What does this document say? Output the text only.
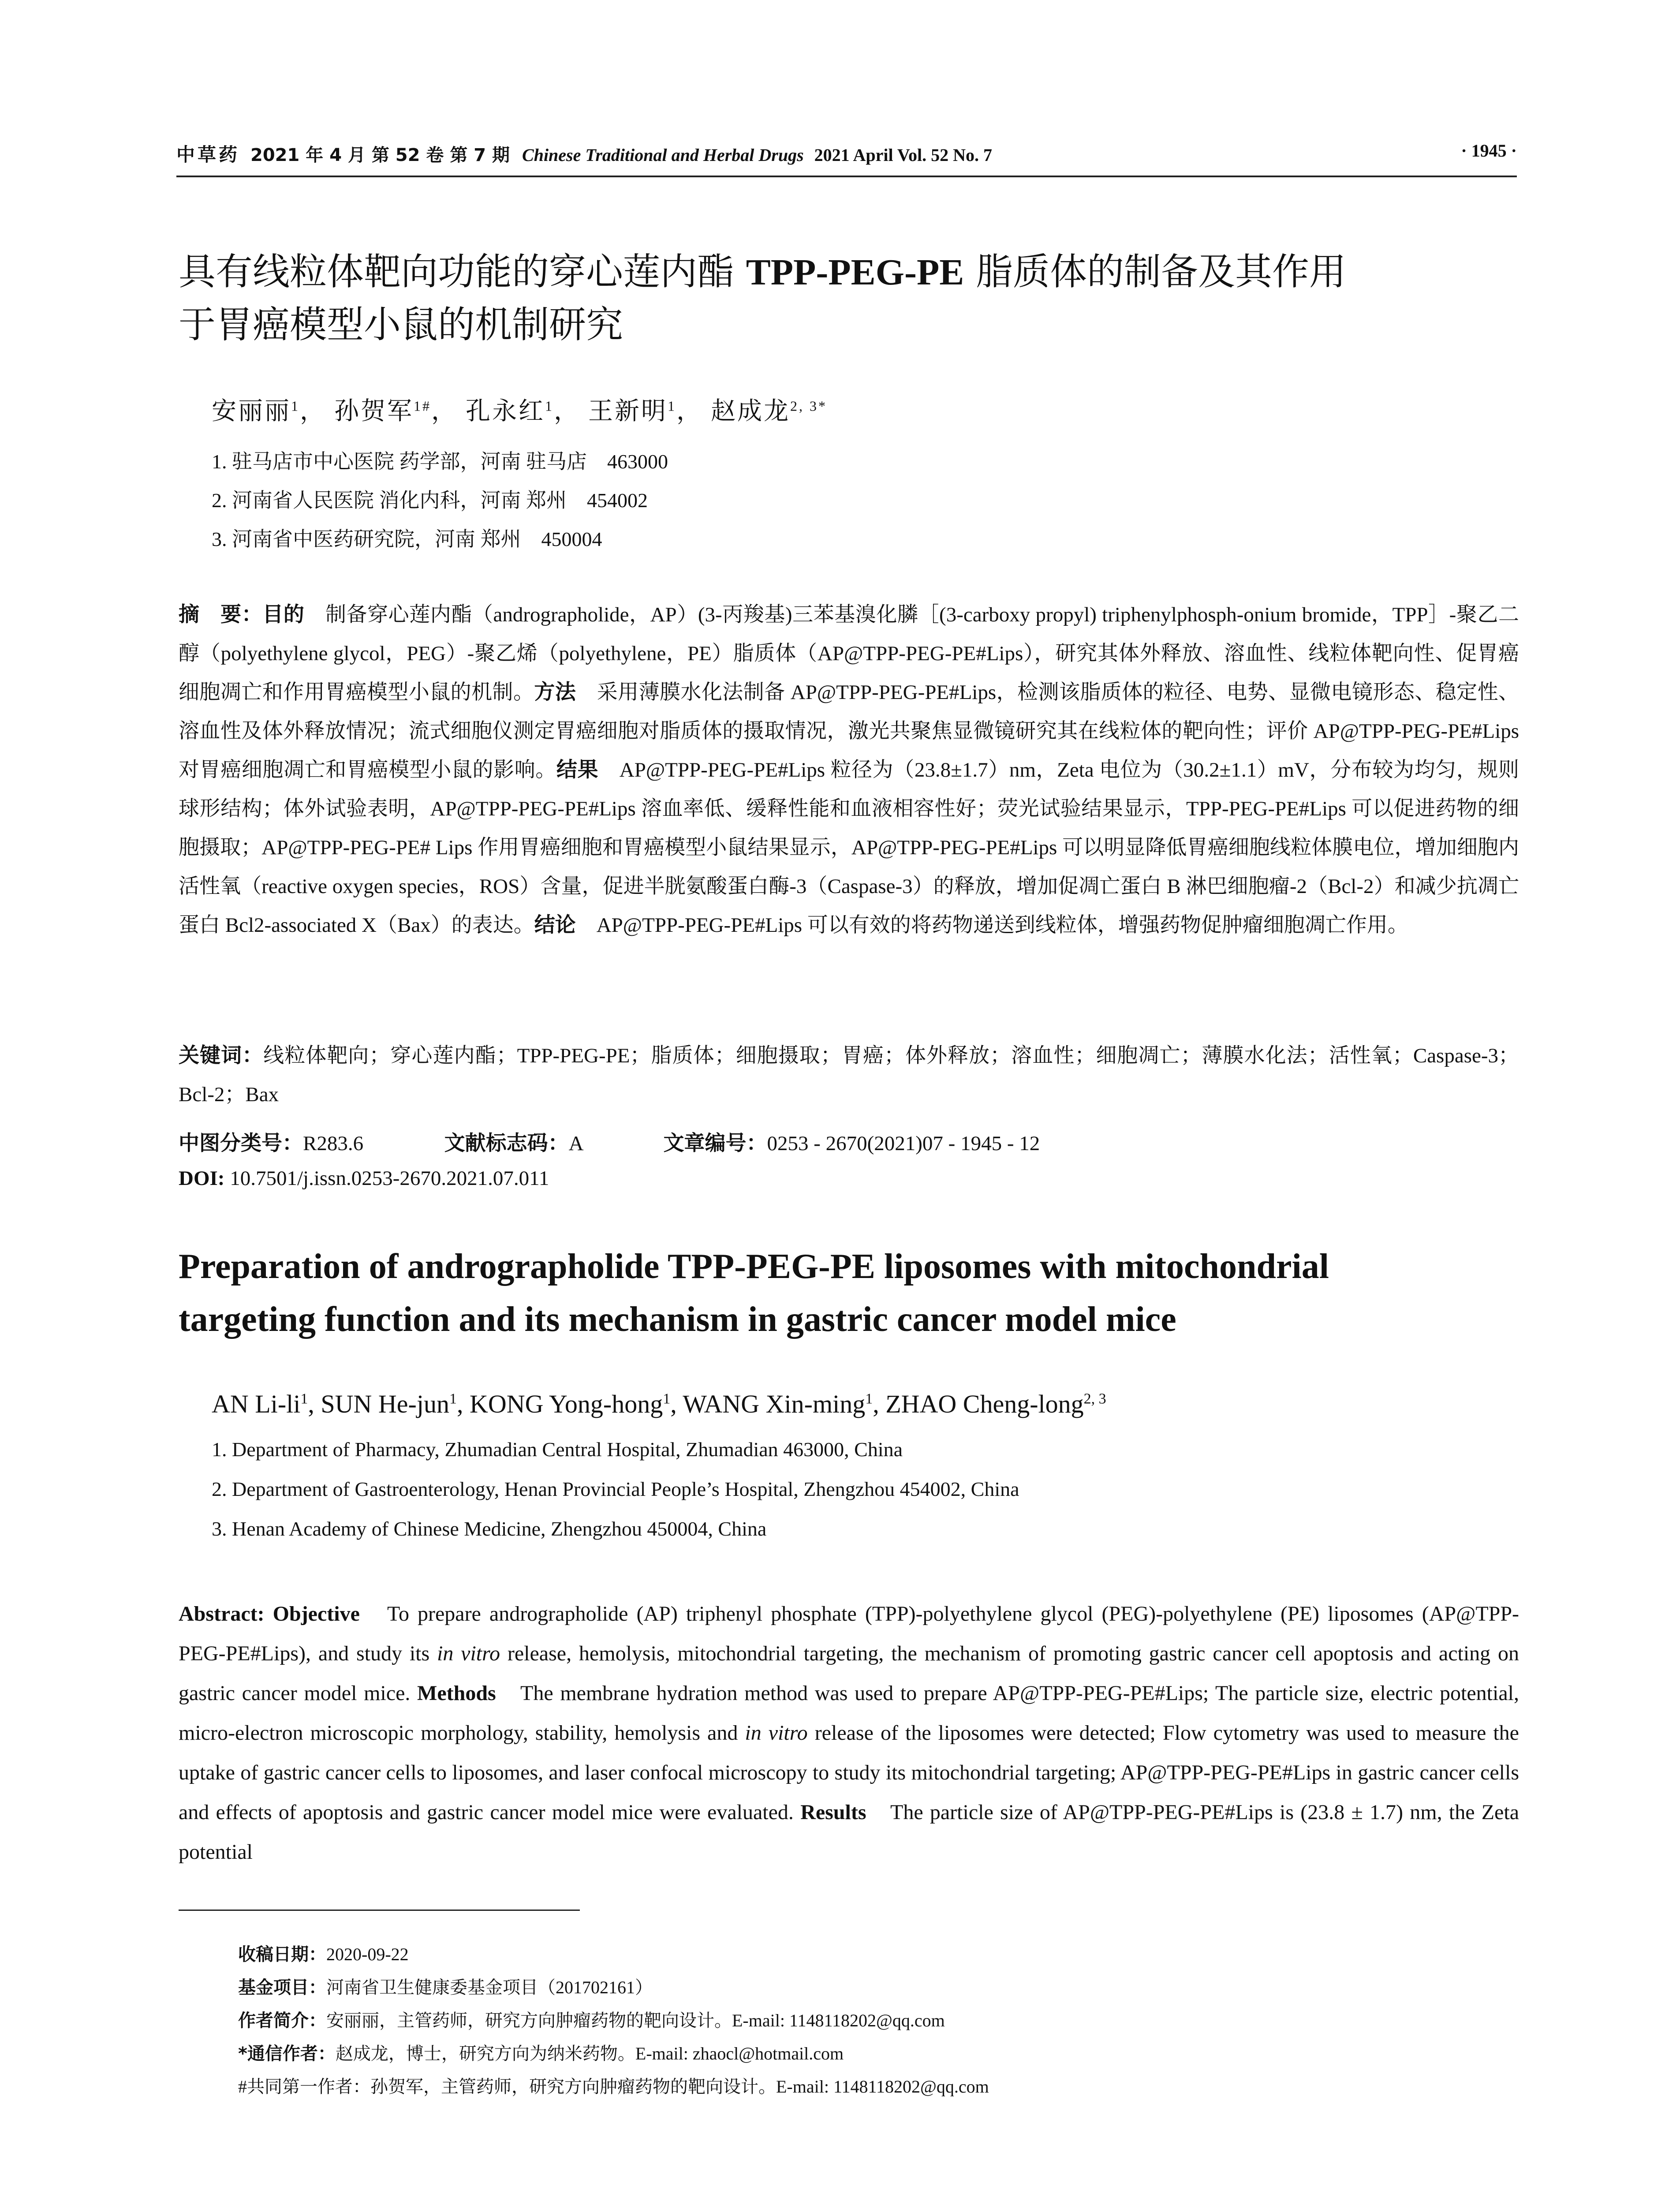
中草药 2021 年 4 月 第 52 卷 第 7 期 Chinese Traditional and Herbal Drugs 2021 April Vol. 52 No. 7	· 1945 ·
具有线粒体靶向功能的穿心莲内酯 TPP-PEG-PE 脂质体的制备及其作用
于胃癌模型小鼠的机制研究
安丽丽$^1$， 孙贺军$^{1\#}$， 孔永红$^1$， 王新明$^1$， 赵成龙$^{2, 3*}$
1. 驻马店市中心医院 药学部，河南 驻马店　463000
2. 河南省人民医院 消化内科，河南 郑州　454002
3. 河南省中医药研究院，河南 郑州　450004
摘　要：目的　制备穿心莲内酯（andrographolide，AP）(3-丙羧基)三苯基溴化膦［(3-carboxy propyl) triphenylphosph-onium bromide，TPP］-聚乙二醇（polyethylene glycol，PEG）-聚乙烯（polyethylene，PE）脂质体（AP@TPP-PEG-PE#Lips），研究其体外释放、溶血性、线粒体靶向性、促胃癌细胞凋亡和作用胃癌模型小鼠的机制。方法　采用薄膜水化法制备 AP@TPP-PEG-PE#Lips，检测该脂质体的粒径、电势、显微电镜形态、稳定性、溶血性及体外释放情况；流式细胞仪测定胃癌细胞对脂质体的摄取情况，激光共聚焦显微镜研究其在线粒体的靶向性；评价 AP@TPP-PEG-PE#Lips 对胃癌细胞凋亡和胃癌模型小鼠的影响。结果　AP@TPP-PEG-PE#Lips 粒径为（23.8±1.7）nm，Zeta 电位为（30.2±1.1）mV，分布较为均匀，规则球形结构；体外试验表明，AP@TPP-PEG-PE#Lips 溶血率低、缓释性能和血液相容性好；荧光试验结果显示，TPP-PEG-PE#Lips 可以促进药物的细胞摄取；AP@TPP-PEG-PE# Lips 作用胃癌细胞和胃癌模型小鼠结果显示，AP@TPP-PEG-PE#Lips 可以明显降低胃癌细胞线粒体膜电位，增加细胞内活性氧（reactive oxygen species，ROS）含量，促进半胱氨酸蛋白酶-3（Caspase-3）的释放，增加促凋亡蛋白 B 淋巴细胞瘤-2（Bcl-2）和减少抗凋亡蛋白 Bcl2-associated X（Bax）的表达。结论　AP@TPP-PEG-PE#Lips 可以有效的将药物递送到线粒体，增强药物促肿瘤细胞凋亡作用。
关键词：线粒体靶向；穿心莲内酯；TPP-PEG-PE；脂质体；细胞摄取；胃癌；体外释放；溶血性；细胞凋亡；薄膜水化法；活性氧；Caspase-3；Bcl-2；Bax
中图分类号：R283.6	文献标志码：A	文章编号：0253 - 2670(2021)07 - 1945 - 12
DOI: 10.7501/j.issn.0253-2670.2021.07.011
Preparation of andrographolide TPP-PEG-PE liposomes with mitochondrial
targeting function and its mechanism in gastric cancer model mice
AN $Li-li^1$, SUN He-jun$^1$, KONG Yong-hong$^1$, WANG Xin-ming$^1$, ZHAO Cheng-long$^{2, 3}$
1. Department of Pharmacy, Zhumadian Central Hospital, Zhumadian 463000, China
2. Department of Gastroenterology, Henan Provincial People’s Hospital, Zhengzhou 454002, China
3. Henan Academy of Chinese Medicine, Zhengzhou 450004, China
Abstract: Objective　To prepare andrographolide (AP) triphenyl phosphate (TPP)-polyethylene glycol (PEG)-polyethylene (PE) liposomes (AP@TPP-PEG-PE#Lips), and study its in vitro release, hemolysis, mitochondrial targeting, the mechanism of promoting gastric cancer cell apoptosis and acting on gastric cancer model mice. Methods　The membrane hydration method was used to prepare AP@TPP-PEG-PE#Lips; The particle size, electric potential, micro-electron microscopic morphology, stability, hemolysis and in vitro release of the liposomes were detected; Flow cytometry was used to measure the uptake of gastric cancer cells to liposomes, and laser confocal microscopy to study its mitochondrial targeting; AP@TPP-PEG-PE#Lips in gastric cancer cells and effects of apoptosis and gastric cancer model mice were evaluated. Results　The particle size of AP@TPP-PEG-PE#Lips is (23.8 ± 1.7) nm, the Zeta potential
收稿日期：2020-09-22
基金项目：河南省卫生健康委基金项目（201702161）
作者简介：安丽丽，主管药师，研究方向肿瘤药物的靶向设计。E-mail: 1148118202@qq.com
*通信作者：赵成龙，博士，研究方向为纳米药物。E-mail: zhaocl@hotmail.com
#共同第一作者：孙贺军，主管药师，研究方向肿瘤药物的靶向设计。E-mail: 1148118202@qq.com
